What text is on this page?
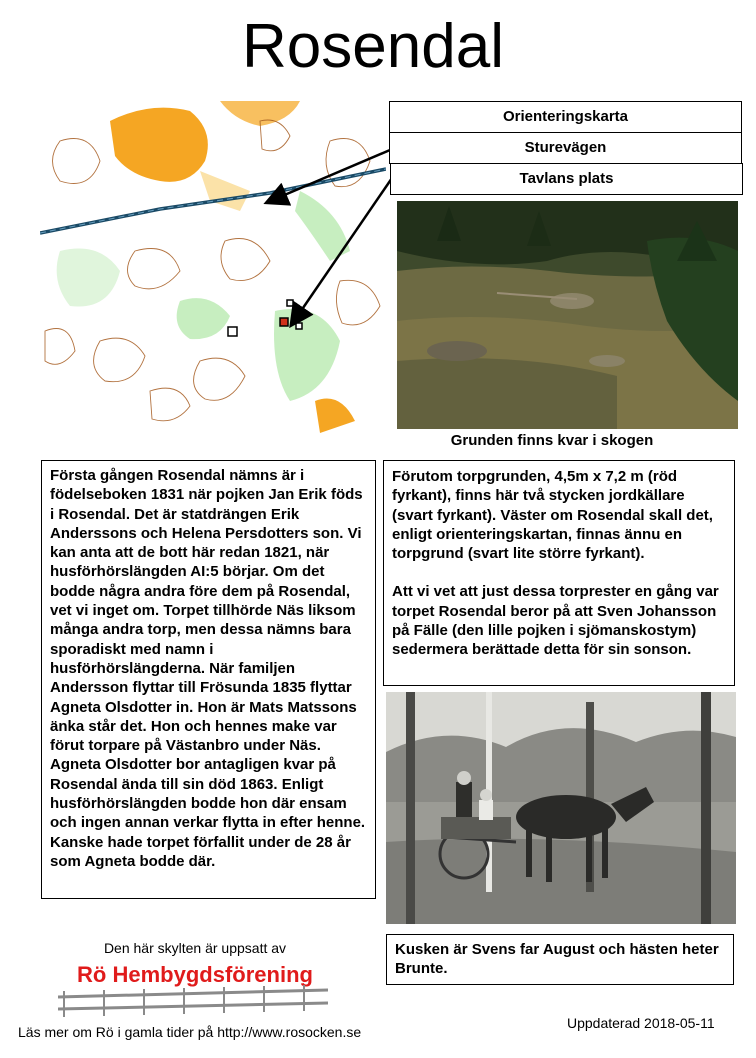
Rosendal
Orienteringskarta
Sturevägen
Tavlans plats
Grunden finns kvar i skogen

Första gången Rosendal nämns är i födelseboken 1831 när pojken Jan Erik föds i Rosendal. Det är statdrängen Erik Anderssons och Helena Persdotters son. Vi kan anta att de bott här redan 1821, när husförhörslängden AI:5 börjar. Om det bodde några andra före dem på Rosendal, vet vi inget om. Torpet tillhörde Näs liksom många andra torp, men dessa nämns bara sporadiskt med namn i husförhörslängderna. När familjen Andersson flyttar till Frösunda 1835 flyttar Agneta Olsdotter in. Hon är Mats Matssons änka står det. Hon och hennes make var förut torpare på Västanbro under Näs.

Agneta Olsdotter bor antagligen kvar på Rosendal ända till sin död 1863. Enligt husförhörslängden bodde hon där ensam och ingen annan verkar flytta in efter henne. Kanske hade torpet förfallit under de 28 år som Agneta bodde där.

Förutom torpgrunden, 4,5m x 7,2 m (röd fyrkant), finns här två stycken jordkällare (svart fyrkant). Väster om Rosendal skall det, enligt orienteringskartan, finnas ännu en torpgrund (svart lite större fyrkant).

Att vi vet att just dessa torprester en gång var torpet Rosendal beror på att Sven Johansson på Fälle (den lille pojken i sjömanskostym) sedermera berättade detta för sin sonson.

Kusken är Svens far August och hästen heter Brunte.
Den här skylten är uppsatt av
Rö Hembygdsförening
Läs mer om Rö i gamla tider på http://www.rosocken.se
Uppdaterad 2018-05-11
